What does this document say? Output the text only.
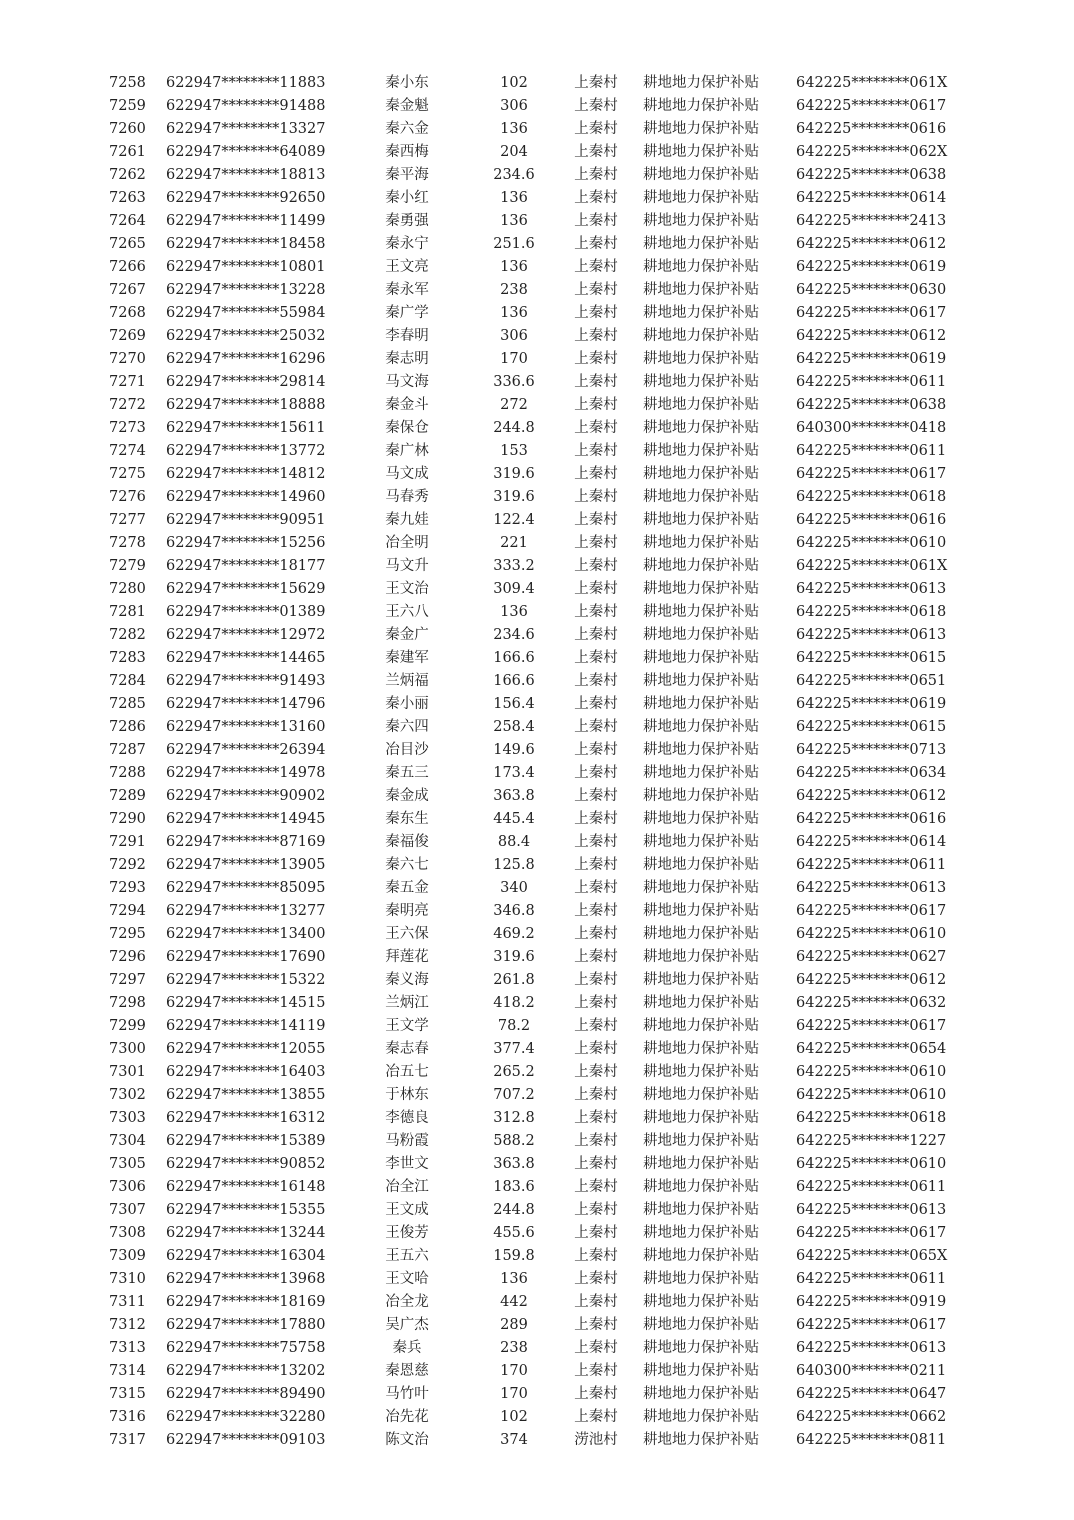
7258	622947********11883	秦小东	102	上秦村	耕地地力保护补贴	642225********061X
7259	622947********91488	秦金魁	306	上秦村	耕地地力保护补贴	642225********0617
7260	622947********13327	秦六金	136	上秦村	耕地地力保护补贴	642225********0616
7261	622947********64089	秦西梅	204	上秦村	耕地地力保护补贴	642225********062X
7262	622947********18813	秦平海	234.6	上秦村	耕地地力保护补贴	642225********0638
7263	622947********92650	秦小红	136	上秦村	耕地地力保护补贴	642225********0614
7264	622947********11499	秦勇强	136	上秦村	耕地地力保护补贴	642225********2413
7265	622947********18458	秦永宁	251.6	上秦村	耕地地力保护补贴	642225********0612
7266	622947********10801	王文亮	136	上秦村	耕地地力保护补贴	642225********0619
7267	622947********13228	秦永军	238	上秦村	耕地地力保护补贴	642225********0630
7268	622947********55984	秦广学	136	上秦村	耕地地力保护补贴	642225********0617
7269	622947********25032	李春明	306	上秦村	耕地地力保护补贴	642225********0612
7270	622947********16296	秦志明	170	上秦村	耕地地力保护补贴	642225********0619
7271	622947********29814	马文海	336.6	上秦村	耕地地力保护补贴	642225********0611
7272	622947********18888	秦金斗	272	上秦村	耕地地力保护补贴	642225********0638
7273	622947********15611	秦保仓	244.8	上秦村	耕地地力保护补贴	640300********0418
7274	622947********13772	秦广林	153	上秦村	耕地地力保护补贴	642225********0611
7275	622947********14812	马文成	319.6	上秦村	耕地地力保护补贴	642225********0617
7276	622947********14960	马春秀	319.6	上秦村	耕地地力保护补贴	642225********0618
7277	622947********90951	秦九娃	122.4	上秦村	耕地地力保护补贴	642225********0616
7278	622947********15256	冶全明	221	上秦村	耕地地力保护补贴	642225********0610
7279	622947********18177	马文升	333.2	上秦村	耕地地力保护补贴	642225********061X
7280	622947********15629	王文治	309.4	上秦村	耕地地力保护补贴	642225********0613
7281	622947********01389	王六八	136	上秦村	耕地地力保护补贴	642225********0618
7282	622947********12972	秦金广	234.6	上秦村	耕地地力保护补贴	642225********0613
7283	622947********14465	秦建军	166.6	上秦村	耕地地力保护补贴	642225********0615
7284	622947********91493	兰炳福	166.6	上秦村	耕地地力保护补贴	642225********0651
7285	622947********14796	秦小丽	156.4	上秦村	耕地地力保护补贴	642225********0619
7286	622947********13160	秦六四	258.4	上秦村	耕地地力保护补贴	642225********0615
7287	622947********26394	冶目沙	149.6	上秦村	耕地地力保护补贴	642225********0713
7288	622947********14978	秦五三	173.4	上秦村	耕地地力保护补贴	642225********0634
7289	622947********90902	秦金成	363.8	上秦村	耕地地力保护补贴	642225********0612
7290	622947********14945	秦东生	445.4	上秦村	耕地地力保护补贴	642225********0616
7291	622947********87169	秦福俊	88.4	上秦村	耕地地力保护补贴	642225********0614
7292	622947********13905	秦六七	125.8	上秦村	耕地地力保护补贴	642225********0611
7293	622947********85095	秦五金	340	上秦村	耕地地力保护补贴	642225********0613
7294	622947********13277	秦明亮	346.8	上秦村	耕地地力保护补贴	642225********0617
7295	622947********13400	王六保	469.2	上秦村	耕地地力保护补贴	642225********0610
7296	622947********17690	拜莲花	319.6	上秦村	耕地地力保护补贴	642225********0627
7297	622947********15322	秦义海	261.8	上秦村	耕地地力保护补贴	642225********0612
7298	622947********14515	兰炳江	418.2	上秦村	耕地地力保护补贴	642225********0632
7299	622947********14119	王文学	78.2	上秦村	耕地地力保护补贴	642225********0617
7300	622947********12055	秦志春	377.4	上秦村	耕地地力保护补贴	642225********0654
7301	622947********16403	冶五七	265.2	上秦村	耕地地力保护补贴	642225********0610
7302	622947********13855	于林东	707.2	上秦村	耕地地力保护补贴	642225********0610
7303	622947********16312	李德良	312.8	上秦村	耕地地力保护补贴	642225********0618
7304	622947********15389	马粉霞	588.2	上秦村	耕地地力保护补贴	642225********1227
7305	622947********90852	李世文	363.8	上秦村	耕地地力保护补贴	642225********0610
7306	622947********16148	冶全江	183.6	上秦村	耕地地力保护补贴	642225********0611
7307	622947********15355	王文成	244.8	上秦村	耕地地力保护补贴	642225********0613
7308	622947********13244	王俊芳	455.6	上秦村	耕地地力保护补贴	642225********0617
7309	622947********16304	王五六	159.8	上秦村	耕地地力保护补贴	642225********065X
7310	622947********13968	王文哈	136	上秦村	耕地地力保护补贴	642225********0611
7311	622947********18169	冶全龙	442	上秦村	耕地地力保护补贴	642225********0919
7312	622947********17880	吴广杰	289	上秦村	耕地地力保护补贴	642225********0617
7313	622947********75758	秦兵	238	上秦村	耕地地力保护补贴	642225********0613
7314	622947********13202	秦恩慈	170	上秦村	耕地地力保护补贴	640300********0211
7315	622947********89490	马竹叶	170	上秦村	耕地地力保护补贴	642225********0647
7316	622947********32280	冶先花	102	上秦村	耕地地力保护补贴	642225********0662
7317	622947********09103	陈文治	374	涝池村	耕地地力保护补贴	642225********0811
